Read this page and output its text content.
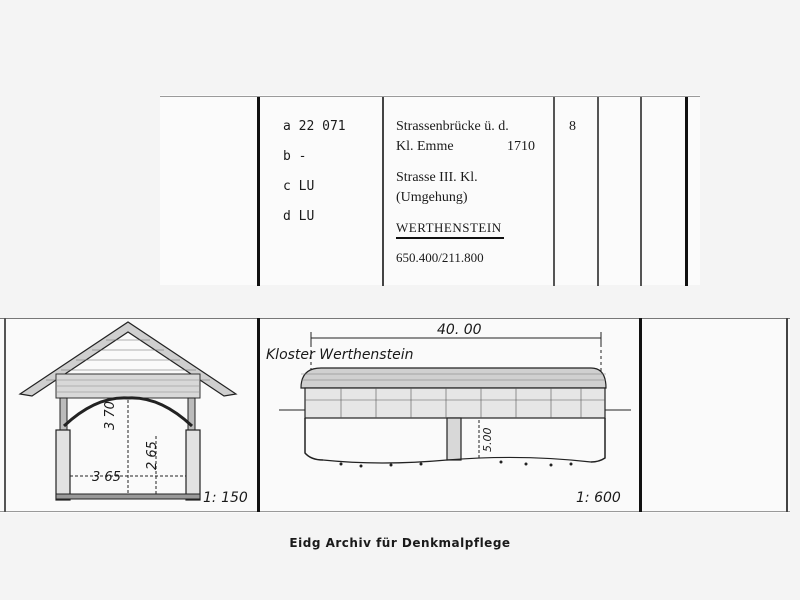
a 22 071
b -
c LU
d LU
Strassenbrücke ü. d.
Kl. Emme	1710
Strasse III. Kl.
(Umgehung)
WERTHENSTEIN
650.400/211.800
8
3 70
2 65
3 65
1: 150
40. 00
Kloster Werthenstein
5.00
1: 600
Eidg Archiv für Denkmalpflege
